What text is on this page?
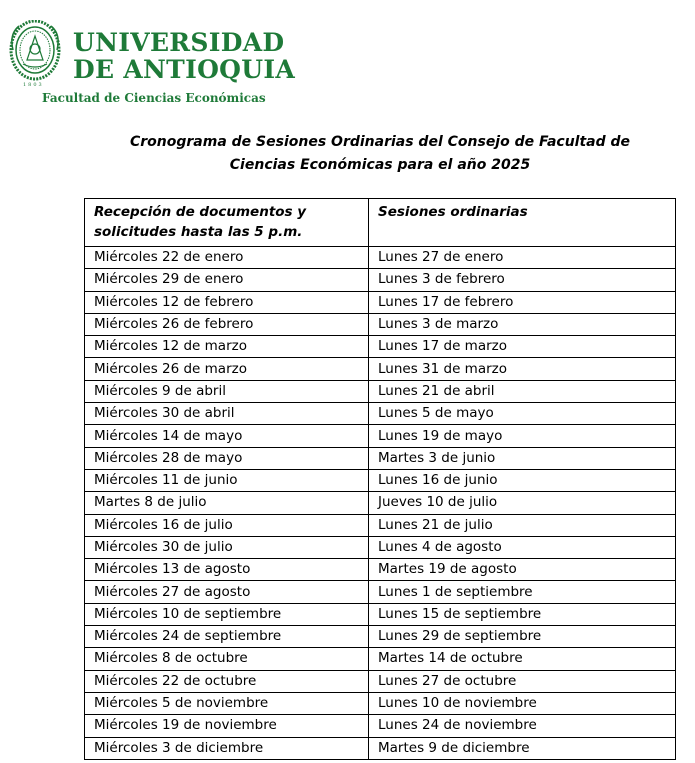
1803
UNIVERSIDAD
DE ANTIOQUIA
Facultad de Ciencias Económicas
Cronograma de Sesiones Ordinarias del Consejo de Facultad de
Ciencias Económicas para el año 2025
Recepción de documentos y solicitudes hasta las 5 p.m.	Sesiones ordinarias
Miércoles 22 de enero	Lunes 27 de enero
Miércoles 29 de enero	Lunes 3 de febrero
Miércoles 12 de febrero	Lunes 17 de febrero
Miércoles 26 de febrero	Lunes 3 de marzo
Miércoles 12 de marzo	Lunes 17 de marzo
Miércoles 26 de marzo	Lunes 31 de marzo
Miércoles 9 de abril	Lunes 21 de abril
Miércoles 30 de abril	Lunes 5 de mayo
Miércoles 14 de mayo	Lunes 19 de mayo
Miércoles 28 de mayo	Martes 3 de junio
Miércoles 11 de junio	Lunes 16 de junio
Martes 8 de julio	Jueves 10 de julio
Miércoles 16 de julio	Lunes 21 de julio
Miércoles 30 de julio	Lunes 4 de agosto
Miércoles 13 de agosto	Martes 19 de agosto
Miércoles 27 de agosto	Lunes 1 de septiembre
Miércoles 10 de septiembre	Lunes 15 de septiembre
Miércoles 24 de septiembre	Lunes 29 de septiembre
Miércoles 8 de octubre	Martes 14 de octubre
Miércoles 22 de octubre	Lunes 27 de octubre
Miércoles 5 de noviembre	Lunes 10 de noviembre
Miércoles 19 de noviembre	Lunes 24 de noviembre
Miércoles 3 de diciembre	Martes 9 de diciembre
